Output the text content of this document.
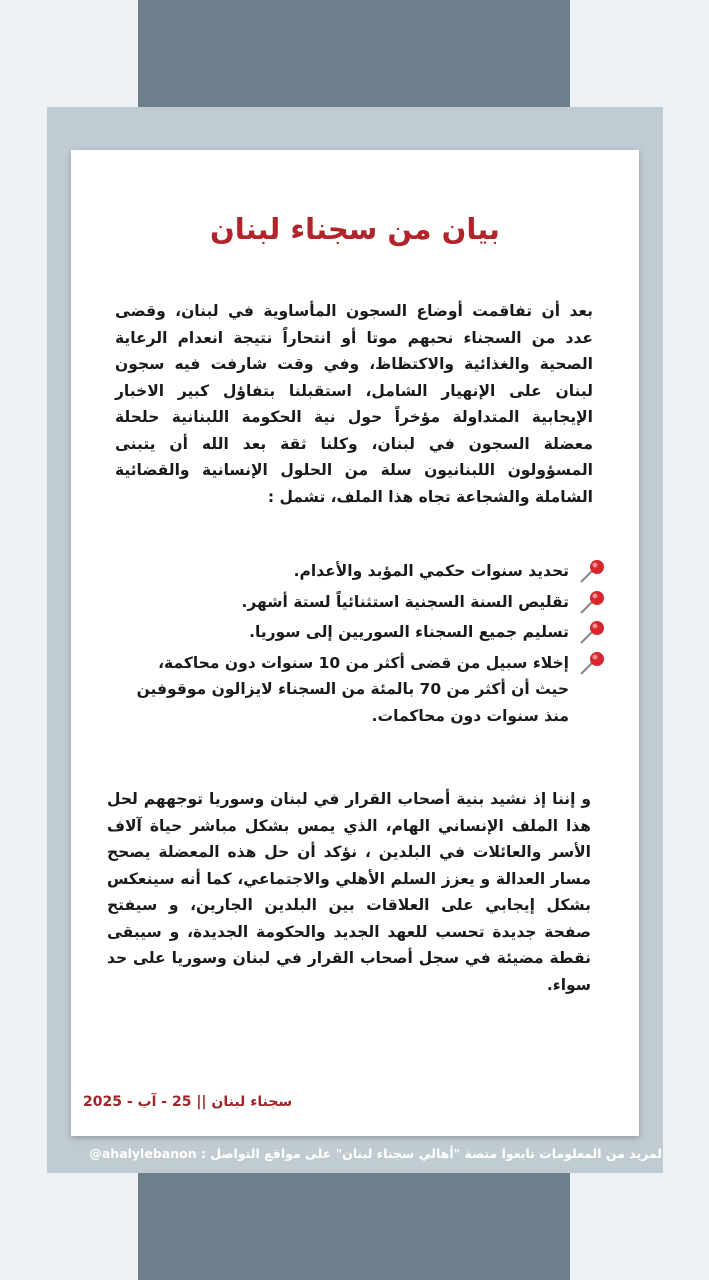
بيان من سجناء لبنان
بعد أن تفاقمت أوضاع السجون المأساوية في لبنان، وقضى عدد من السجناء نحبهم موتا أو انتحاراً نتيجة انعدام الرعاية الصحية والغذائية والاكتظاظ، وفي وقت شارفت فيه سجون لبنان على الإنهيار الشامل، استقبلنا بتفاؤل كبير الاخبار الإيجابية المتداولة مؤخراً حول نية الحكومة اللبنانية حلحلة معضلة السجون في لبنان، وكلنا ثقة بعد الله أن يتبنى المسؤولون اللبنانيون سلة من الحلول الإنسانية والقضائية الشاملة والشجاعة تجاه هذا الملف، تشمل :
تحديد سنوات حكمي المؤبد والأعدام.
تقليص السنة السجنية استثنائياً لستة أشهر.
تسليم جميع السجناء السوريين إلى سوريا.
إخلاء سبيل من قضى أكثر من 10 سنوات دون محاكمة، حيث أن أكثر من 70 بالمئة من السجناء لايزالون موقوفين منذ سنوات دون محاكمات.
و إننا إذ نشيد بنية أصحاب القرار في لبنان وسوريا توجههم لحل هذا الملف الإنساني الهام، الذي يمس بشكل مباشر حياة آلاف الأسر والعائلات في البلدين ، نؤكد أن حل هذه المعضلة يصحح مسار العدالة و يعزز السلم الأهلي والاجتماعي، كما أنه سينعكس بشكل إيجابي على العلاقات بين البلدين الجارين، و سيفتح صفحة جديدة تحسب للعهد الجديد والحكومة الجديدة، و سيبقى نقطة مضيئة في سجل أصحاب القرار في لبنان وسوريا على حد سواء.
سجناء لبنان || 25 - آب - 2025
لمزيد من المعلومات تابعوا منصة "أهالي سجناء لبنان" على مواقع التواصل : @ahalylebanon
